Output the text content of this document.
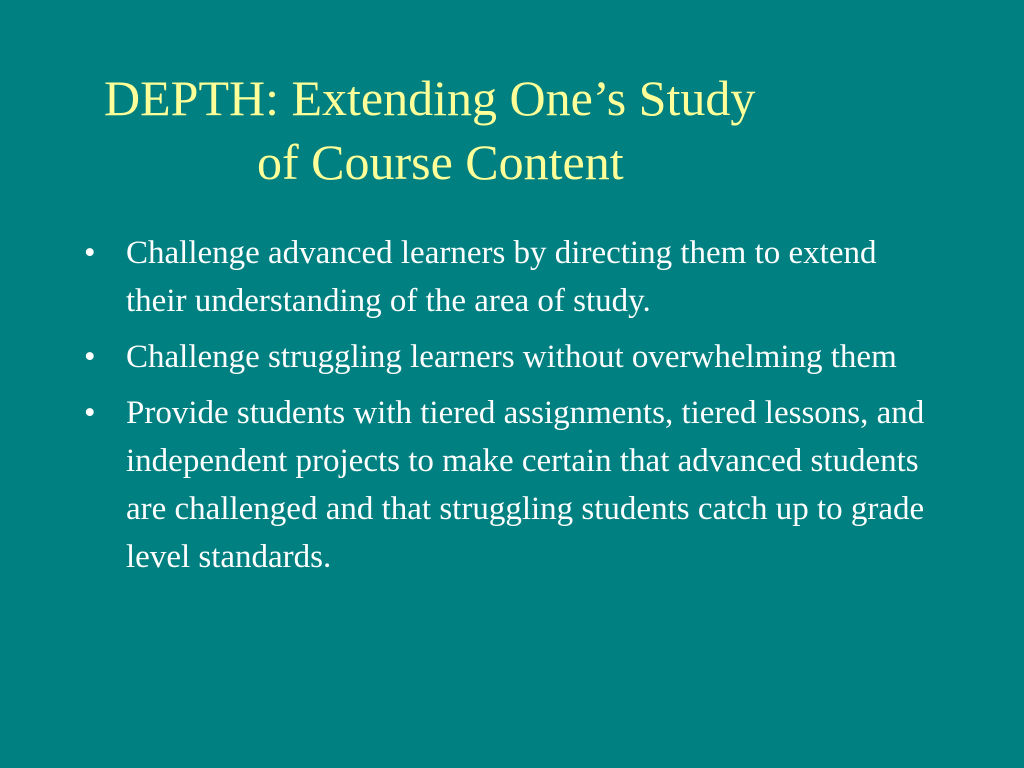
DEPTH: Extending One’s Study
of Course Content
• Challenge advanced learners by directing them to extend their understanding of the area of study.
• Challenge struggling learners without overwhelming them
• Provide students with tiered assignments, tiered lessons, and independent projects to make certain that advanced students are challenged and that struggling students catch up to grade level standards.
